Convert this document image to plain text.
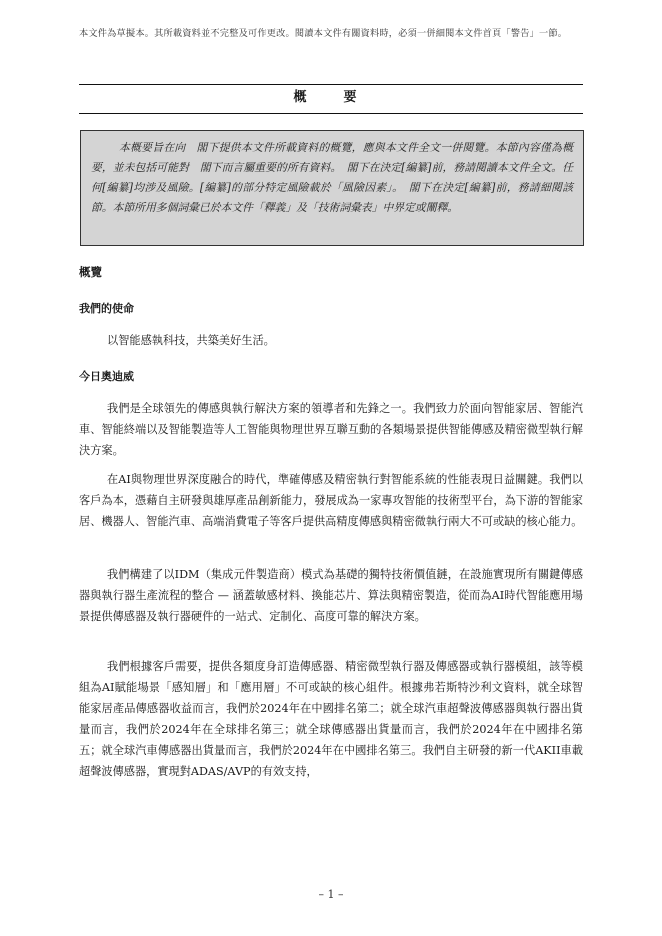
本文件為草擬本。其所載資料並不完整及可作更改。閱讀本文件有關資料時，必須一併細閱本文件首頁「警告」一節。
概　要

本概要旨在向　閣下提供本文件所載資料的概覽，應與本文件全文一併閱覽。本節內容僅為概要，並未包括可能對　閣下而言屬重要的所有資料。　閣下在決定[編纂]前，務請閱讀本文件全文。任何[編纂]均涉及風險。[編纂]的部分特定風險載於「風險因素」。　閣下在決定[編纂]前，務請細閱該節。本節所用多個詞彙已於本文件「釋義」及「技術詞彙表」中界定或闡釋。

概覽
我們的使命

以智能感執科技，共築美好生活。

今日奧迪威

我們是全球領先的傳感與執行解決方案的領導者和先鋒之一。我們致力於面向智能家居、智能汽車、智能終端以及智能製造等人工智能與物理世界互聯互動的各類場景提供智能傳感及精密微型執行解決方案。

在AI與物理世界深度融合的時代，準確傳感及精密執行對智能系統的性能表現日益關鍵。我們以客戶為本，憑藉自主研發與雄厚產品創新能力，發展成為一家專攻智能的技術型平台，為下游的智能家居、機器人、智能汽車、高端消費電子等客戶提供高精度傳感與精密微執行兩大不可或缺的核心能力。

我們構建了以IDM（集成元件製造商）模式為基礎的獨特技術價值鏈，在設施實現所有關鍵傳感器與執行器生產流程的整合 — 涵蓋敏感材料、換能芯片、算法與精密製造，從而為AI時代智能應用場景提供傳感器及執行器硬件的一站式、定制化、高度可靠的解決方案。

我們根據客戶需要，提供各類度身訂造傳感器、精密微型執行器及傳感器或執行器模組，該等模組為AI賦能場景「感知層」和「應用層」不可或缺的核心組件。根據弗若斯特沙利文資料，就全球智能家居產品傳感器收益而言，我們於2024年在中國排名第二；就全球汽車超聲波傳感器與執行器出貨量而言，我們於2024年在全球排名第三；就全球傳感器出貨量而言，我們於2024年在中國排名第五；就全球汽車傳感器出貨量而言，我們於2024年在中國排名第三。我們自主研發的新一代AKII車載超聲波傳感器，實現對ADAS/AVP的有效支持，

– 1 –
